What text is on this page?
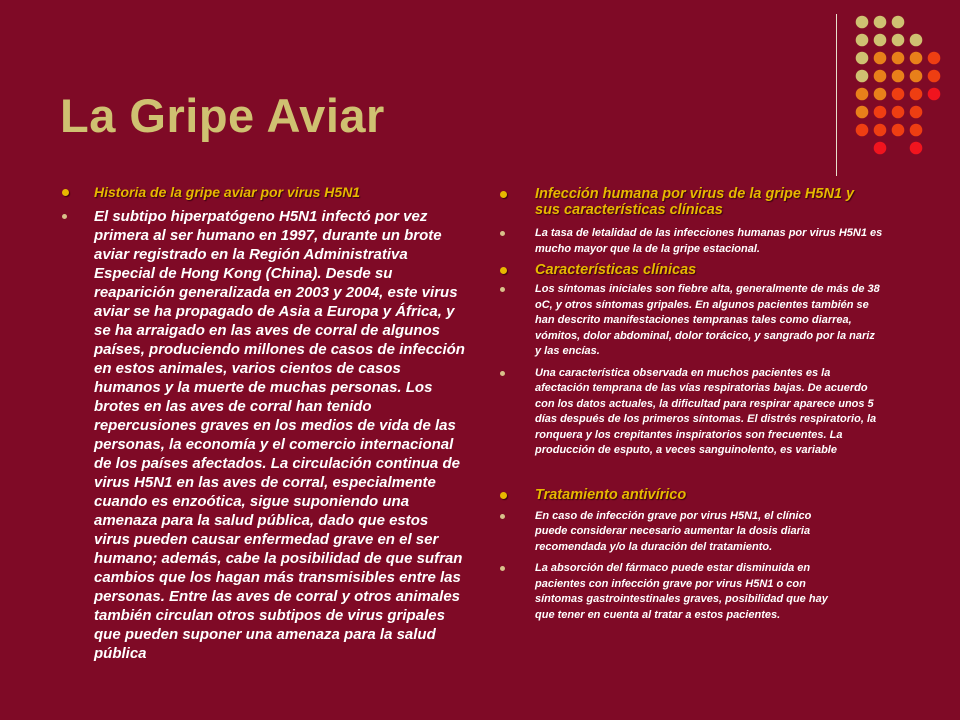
La Gripe Aviar
Historia de la gripe aviar por virus H5N1
El subtipo hiperpatógeno H5N1 infectó por vez primera al ser humano en 1997, durante un brote aviar registrado en la Región Administrativa Especial de Hong Kong (China). Desde su reaparición generalizada en 2003 y 2004, este virus aviar se ha propagado de Asia a Europa y África, y se ha arraigado en las aves de corral de algunos países, produciendo millones de casos de infección en estos animales, varios cientos de casos humanos y la muerte de muchas personas. Los brotes en las aves de corral han tenido repercusiones graves en los medios de vida de las personas, la economía y el comercio internacional de los países afectados. La circulación continua de virus H5N1 en las aves de corral, especialmente cuando es enzoótica, sigue suponiendo una amenaza para la salud pública, dado que estos virus pueden causar enfermedad grave en el ser humano; además, cabe la posibilidad de que sufran cambios que los hagan más transmisibles entre las personas. Entre las aves de corral y otros animales también circulan otros subtipos de virus gripales que pueden suponer una amenaza para la salud pública
Infección humana por virus de la gripe H5N1 y sus características clínicas
La tasa de letalidad de las infecciones humanas por virus H5N1 es mucho mayor que la de la gripe estacional.
Características clínicas
Los síntomas iniciales son fiebre alta, generalmente de más de 38 oC, y otros síntomas gripales. En algunos pacientes también se han descrito manifestaciones tempranas tales como diarrea, vómitos, dolor abdominal, dolor torácico, y sangrado por la nariz y las encías.
Una característica observada en muchos pacientes es la afectación temprana de las vías respiratorias bajas. De acuerdo con los datos actuales, la dificultad para respirar aparece unos 5 días después de los primeros síntomas. El distrés respiratorio, la ronquera y los crepitantes inspiratorios son frecuentes. La producción de esputo, a veces sanguinolento, es variable
Tratamiento antivírico
En caso de infección grave por virus H5N1, el clínico puede considerar necesario aumentar la dosis diaria recomendada y/o la duración del tratamiento.
La absorción del fármaco puede estar disminuida en pacientes con infección grave por virus H5N1 o con síntomas gastrointestinales graves, posibilidad que hay que tener en cuenta al tratar a estos pacientes.
